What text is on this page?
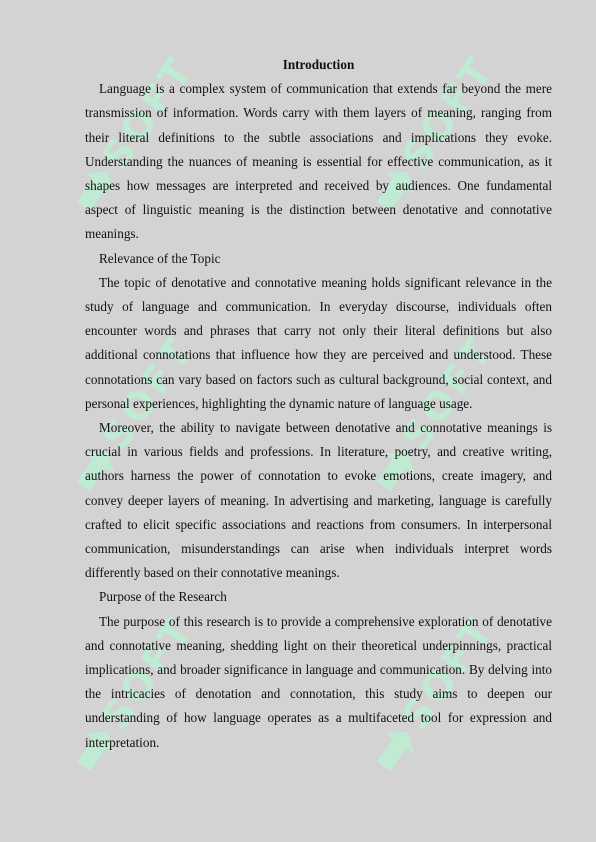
SOFT	SOFT
SOFT	SOFT
SOFT	SOFT
Introduction

Language is a complex system of communication that extends far beyond the mere transmission of information. Words carry with them layers of meaning, ranging from their literal definitions to the subtle associations and implications they evoke. Understanding the nuances of meaning is essential for effective communication, as it shapes how messages are interpreted and received by audiences. One fundamental aspect of linguistic meaning is the distinction between denotative and connotative meanings.

Relevance of the Topic

The topic of denotative and connotative meaning holds significant relevance in the study of language and communication. In everyday discourse, individuals often encounter words and phrases that carry not only their literal definitions but also additional connotations that influence how they are perceived and understood. These connotations can vary based on factors such as cultural background, social context, and personal experiences, highlighting the dynamic nature of language usage.

Moreover, the ability to navigate between denotative and connotative meanings is crucial in various fields and professions. In literature, poetry, and creative writing, authors harness the power of connotation to evoke emotions, create imagery, and convey deeper layers of meaning. In advertising and marketing, language is carefully crafted to elicit specific associations and reactions from consumers. In interpersonal communication, misunderstandings can arise when individuals interpret words differently based on their connotative meanings.

Purpose of the Research

The purpose of this research is to provide a comprehensive exploration of denotative and connotative meaning, shedding light on their theoretical underpinnings, practical implications, and broader significance in language and communication. By delving into the intricacies of denotation and connotation, this study aims to deepen our understanding of how language operates as a multifaceted tool for expression and interpretation.
